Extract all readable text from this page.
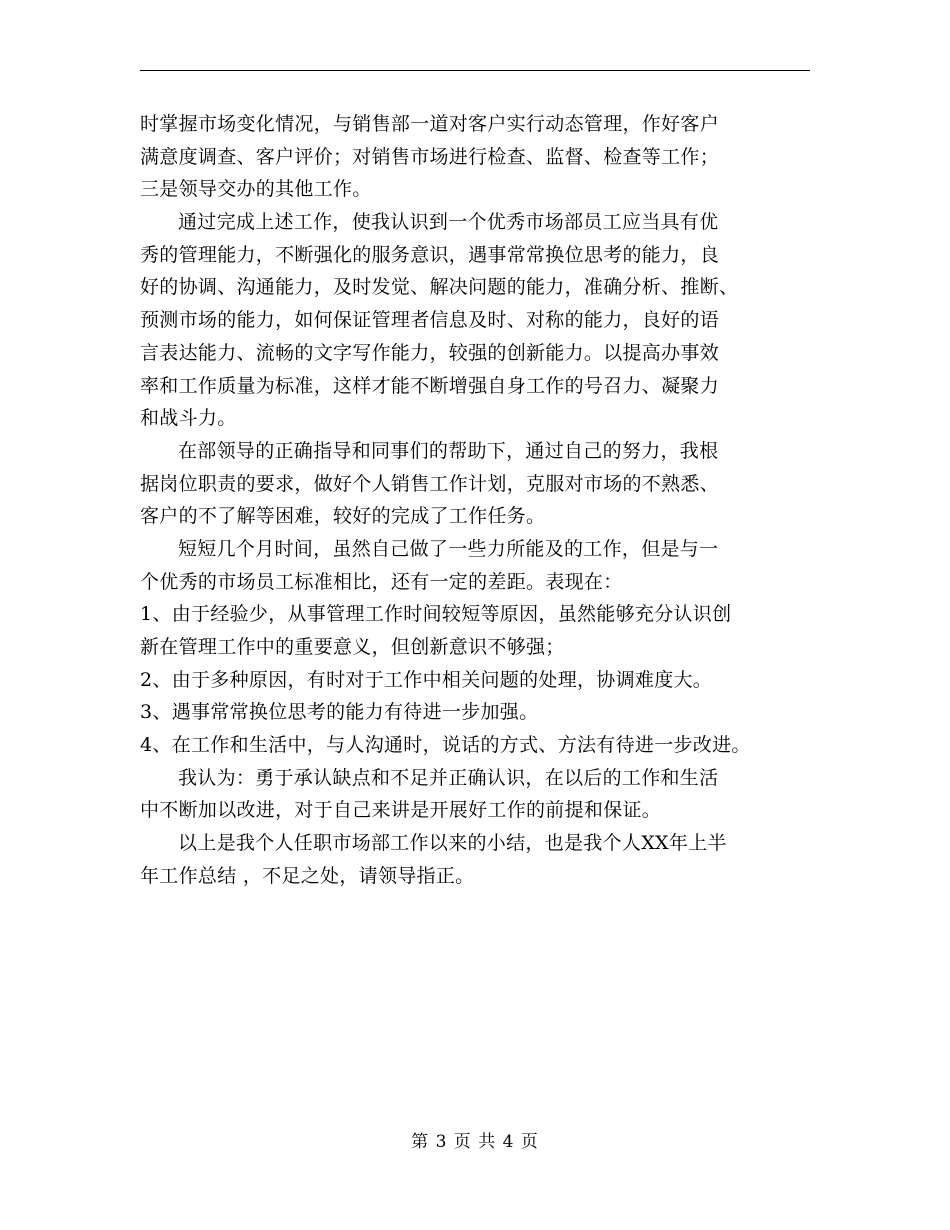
时掌握市场变化情况，与销售部一道对客户实行动态管理，作好客户
满意度调查、客户评价；对销售市场进行检查、监督、检查等工作；
三是领导交办的其他工作。
通过完成上述工作，使我认识到一个优秀市场部员工应当具有优
秀的管理能力，不断强化的服务意识，遇事常常换位思考的能力，良
好的协调、沟通能力，及时发觉、解决问题的能力，准确分析、推断、
预测市场的能力，如何保证管理者信息及时、对称的能力，良好的语
言表达能力、流畅的文字写作能力，较强的创新能力。以提高办事效
率和工作质量为标准，这样才能不断增强自身工作的号召力、凝聚力
和战斗力。
在部领导的正确指导和同事们的帮助下，通过自己的努力，我根
据岗位职责的要求，做好个人销售工作计划，克服对市场的不熟悉、
客户的不了解等困难，较好的完成了工作任务。
短短几个月时间，虽然自己做了一些力所能及的工作，但是与一
个优秀的市场员工标准相比，还有一定的差距。表现在：
1、由于经验少，从事管理工作时间较短等原因，虽然能够充分认识创
新在管理工作中的重要意义，但创新意识不够强；
2、由于多种原因，有时对于工作中相关问题的处理，协调难度大。
3、遇事常常换位思考的能力有待进一步加强。
4、在工作和生活中，与人沟通时，说话的方式、方法有待进一步改进。
我认为：勇于承认缺点和不足并正确认识，在以后的工作和生活
中不断加以改进，对于自己来讲是开展好工作的前提和保证。
以上是我个人任职市场部工作以来的小结，也是我个人XX年上半
年工作总结 ，不足之处，请领导指正。
第 3 页 共 4 页
